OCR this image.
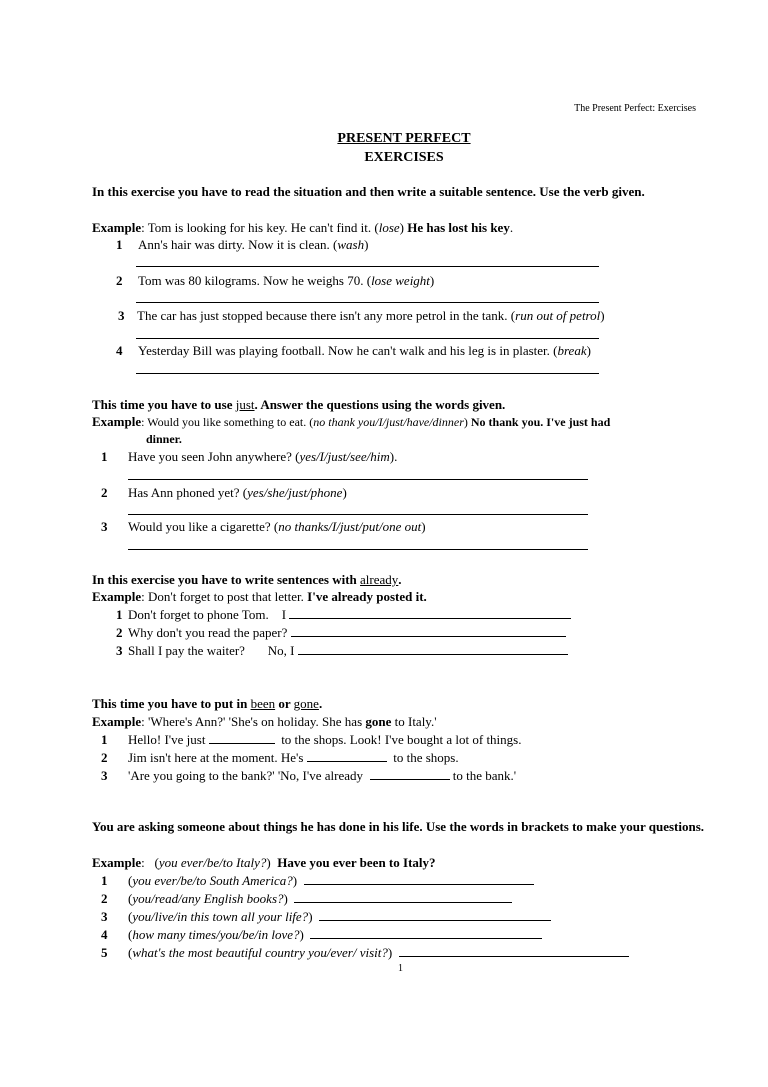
The Present Perfect: Exercises
PRESENT PERFECT
EXERCISES
In this exercise you have to read the situation and then write a suitable sentence. Use the verb given.
Example: Tom is looking for his key. He can't find it. (lose) He has lost his key.
1 Ann's hair was dirty. Now it is clean. (wash)
2 Tom was 80 kilograms. Now he weighs 70. (lose weight)
3 The car has just stopped because there isn't any more petrol in the tank. (run out of petrol)
4 Yesterday Bill was playing football. Now he can't walk and his leg is in plaster. (break)
This time you have to use just. Answer the questions using the words given.
Example: Would you like something to eat. (no thank you/I/just/have/dinner) No thank you. I've just had
dinner.
1 Have you seen John anywhere? (yes/I/just/see/him).
2 Has Ann phoned yet? (yes/she/just/phone)
3 Would you like a cigarette? (no thanks/I/just/put/one out)
In this exercise you have to write sentences with already.
Example: Don't forget to post that letter. I've already posted it.
1 Don't forget to phone Tom.    I
2 Why don't you read the paper?
3 Shall I pay the waiter?       No, I
This time you have to put in been or gone.
Example: 'Where's Ann?' 'She's on holiday. She has gone to Italy.'
1 Hello! I've just	to the shops. Look! I've bought a lot of things.
2 Jim isn't here at the moment. He's	to the shops.
3 'Are you going to the bank?' 'No, I've already	to the bank.'
You are asking someone about things he has done in his life. Use the words in brackets to make your questions.
Example:   (you ever/be/to Italy?)  Have you ever been to Italy?
1 (you ever/be/to South America?)
2 (you/read/any English books?)
3 (you/live/in this town all your life?)
4 (how many times/you/be/in love?)
5 (what's the most beautiful country you/ever/ visit?)
1
